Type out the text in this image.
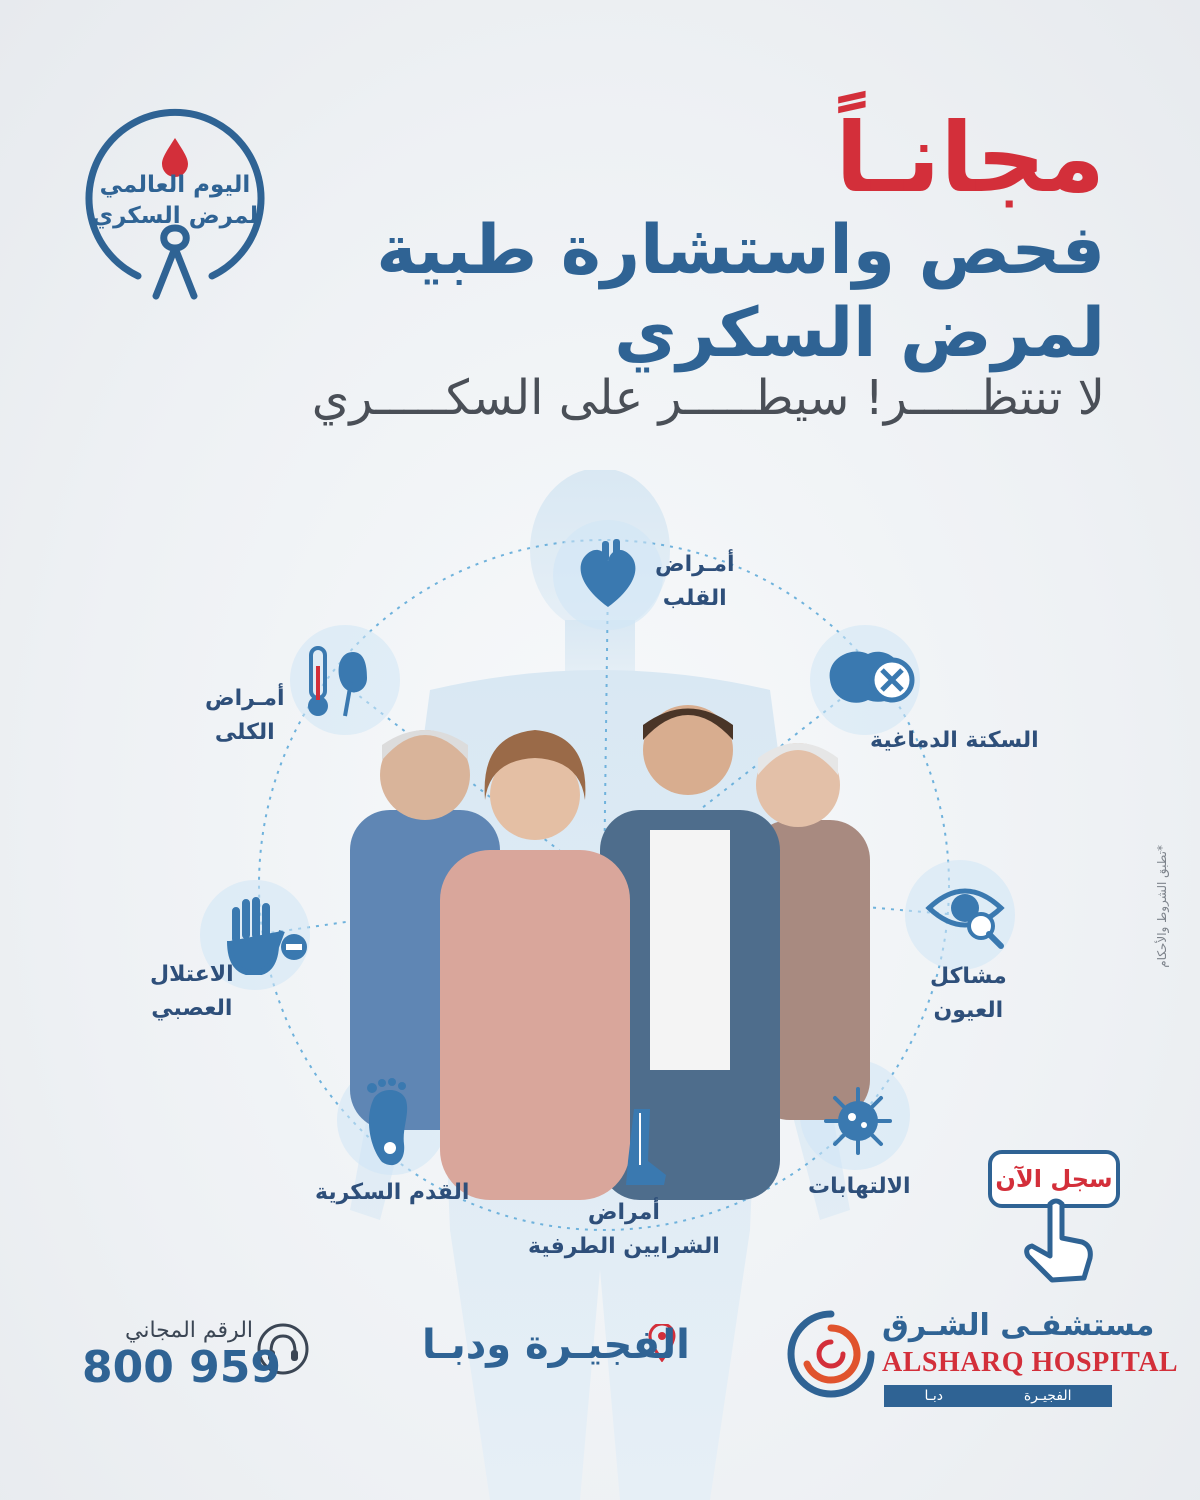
مجانـاً
فحص واستشارة طبية
لمرض السكري
لا تنتظـــــر! سيطـــــر على السكـــــري
اليوم العالمي
لمرض السكري
أمـراض
القلب
السكتة الدماغية
أمـراض
الكلى
مشاكل
العيون
الاعتلال
العصبي
القدم السكرية
أمراض
الشرايين الطرفية
الالتهابات	سجل الآن
*تطبق الشروط والأحكام
الرقم المجاني
800 959	الفجيـرة ودبـا	مستشفـى الشـرق
ALSHARQ HOSPITAL
الفجيـرة
دبـا
